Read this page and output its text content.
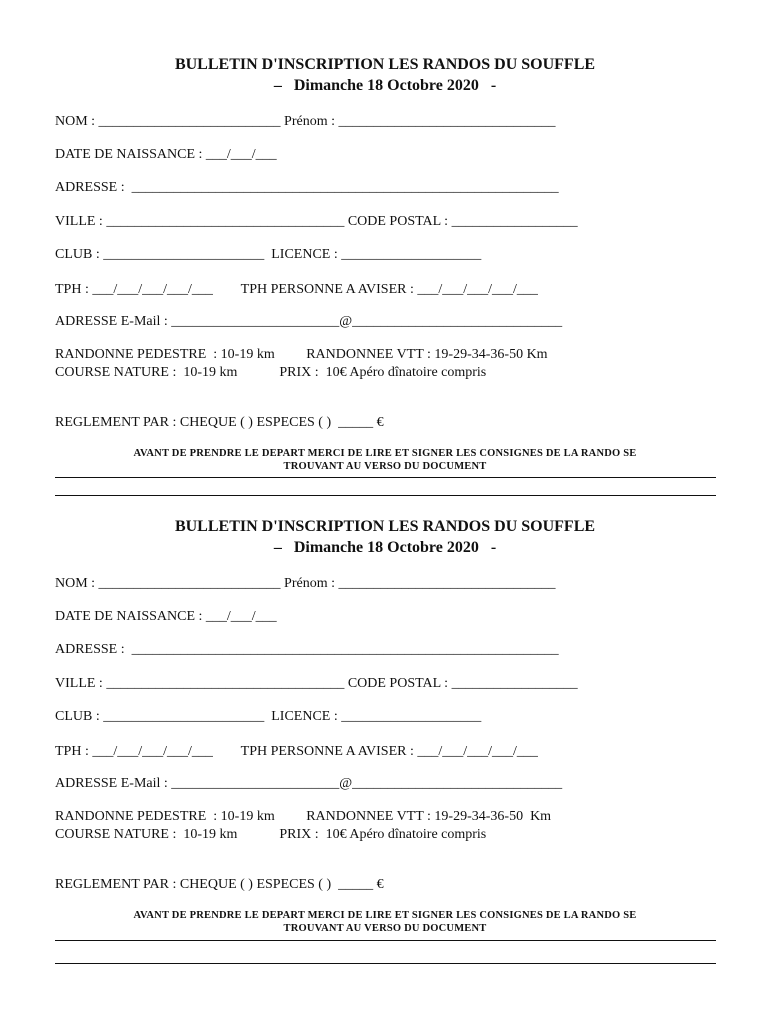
BULLETIN D'INSCRIPTION LES RANDOS DU SOUFFLE
–   Dimanche 18 Octobre 2020   -
NOM : __________________________ Prénom : _______________________________
DATE DE NAISSANCE : ___/___/___
ADRESSE :  _____________________________________________________________
VILLE : __________________________________ CODE POSTAL : __________________
CLUB : _______________________  LICENCE : ____________________
TPH : ___/___/___/___/___        TPH PERSONNE A AVISER : ___/___/___/___/___
ADRESSE E-Mail : ________________________@______________________________
RANDONNE PEDESTRE  : 10-19 km         RANDONNEE VTT : 19-29-34-36-50 Km
COURSE NATURE :  10-19 km            PRIX :  10€ Apéro dînatoire compris
REGLEMENT PAR : CHEQUE ( ) ESPECES ( )  _____ €
AVANT DE PRENDRE LE DEPART MERCI DE LIRE ET SIGNER LES CONSIGNES DE LA RANDO SE
TROUVANT AU VERSO DU DOCUMENT
BULLETIN D'INSCRIPTION LES RANDOS DU SOUFFLE
–   Dimanche 18 Octobre 2020   -
NOM : __________________________ Prénom : _______________________________
DATE DE NAISSANCE : ___/___/___
ADRESSE :  _____________________________________________________________
VILLE : __________________________________ CODE POSTAL : __________________
CLUB : _______________________  LICENCE : ____________________
TPH : ___/___/___/___/___        TPH PERSONNE A AVISER : ___/___/___/___/___
ADRESSE E-Mail : ________________________@______________________________
RANDONNE PEDESTRE  : 10-19 km         RANDONNEE VTT : 19-29-34-36-50  Km
COURSE NATURE :  10-19 km            PRIX :  10€ Apéro dînatoire compris
REGLEMENT PAR : CHEQUE ( ) ESPECES ( )  _____ €
AVANT DE PRENDRE LE DEPART MERCI DE LIRE ET SIGNER LES CONSIGNES DE LA RANDO SE
TROUVANT AU VERSO DU DOCUMENT
